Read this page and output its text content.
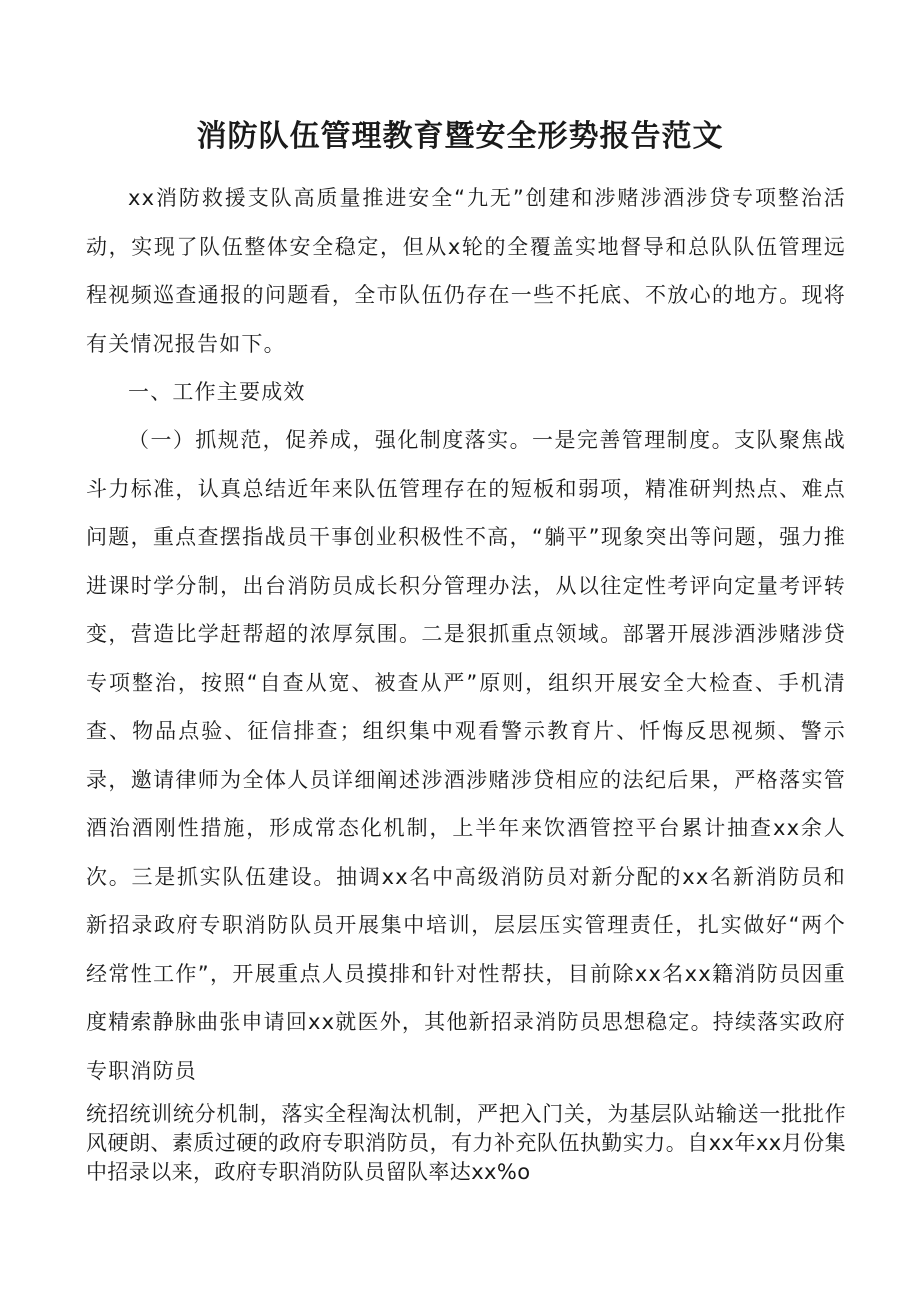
消防队伍管理教育暨安全形势报告范文

xx消防救援支队高质量推进安全“九无”创建和涉赌涉酒涉贷专项整治活动，实现了队伍整体安全稳定，但从x轮的全覆盖实地督导和总队队伍管理远程视频巡查通报的问题看，全市队伍仍存在一些不托底、不放心的地方。现将有关情况报告如下。

一、工作主要成效

（一）抓规范，促养成，强化制度落实。一是完善管理制度。支队聚焦战斗力标准，认真总结近年来队伍管理存在的短板和弱项，精准研判热点、难点问题，重点查摆指战员干事创业积极性不高，“躺平”现象突出等问题，强力推进课时学分制，出台消防员成长积分管理办法，从以往定性考评向定量考评转变，营造比学赶帮超的浓厚氛围。二是狠抓重点领域。部署开展涉酒涉赌涉贷专项整治，按照“自查从宽、被查从严”原则，组织开展安全大检查、手机清查、物品点验、征信排查；组织集中观看警示教育片、忏悔反思视频、警示录，邀请律师为全体人员详细阐述涉酒涉赌涉贷相应的法纪后果，严格落实管酒治酒刚性措施，形成常态化机制，上半年来饮酒管控平台累计抽查xx余人次。三是抓实队伍建设。抽调xx名中高级消防员对新分配的xx名新消防员和新招录政府专职消防队员开展集中培训，层层压实管理责任，扎实做好“两个经常性工作”，开展重点人员摸排和针对性帮扶，目前除xx名xx籍消防员因重度精索静脉曲张申请回xx就医外，其他新招录消防员思想稳定。持续落实政府专职消防员

统招统训统分机制，落实全程淘汰机制，严把入门关，为基层队站输送一批批作风硬朗、素质过硬的政府专职消防员，有力补充队伍执勤实力。自xx年xx月份集中招录以来，政府专职消防队员留队率达xx%o
